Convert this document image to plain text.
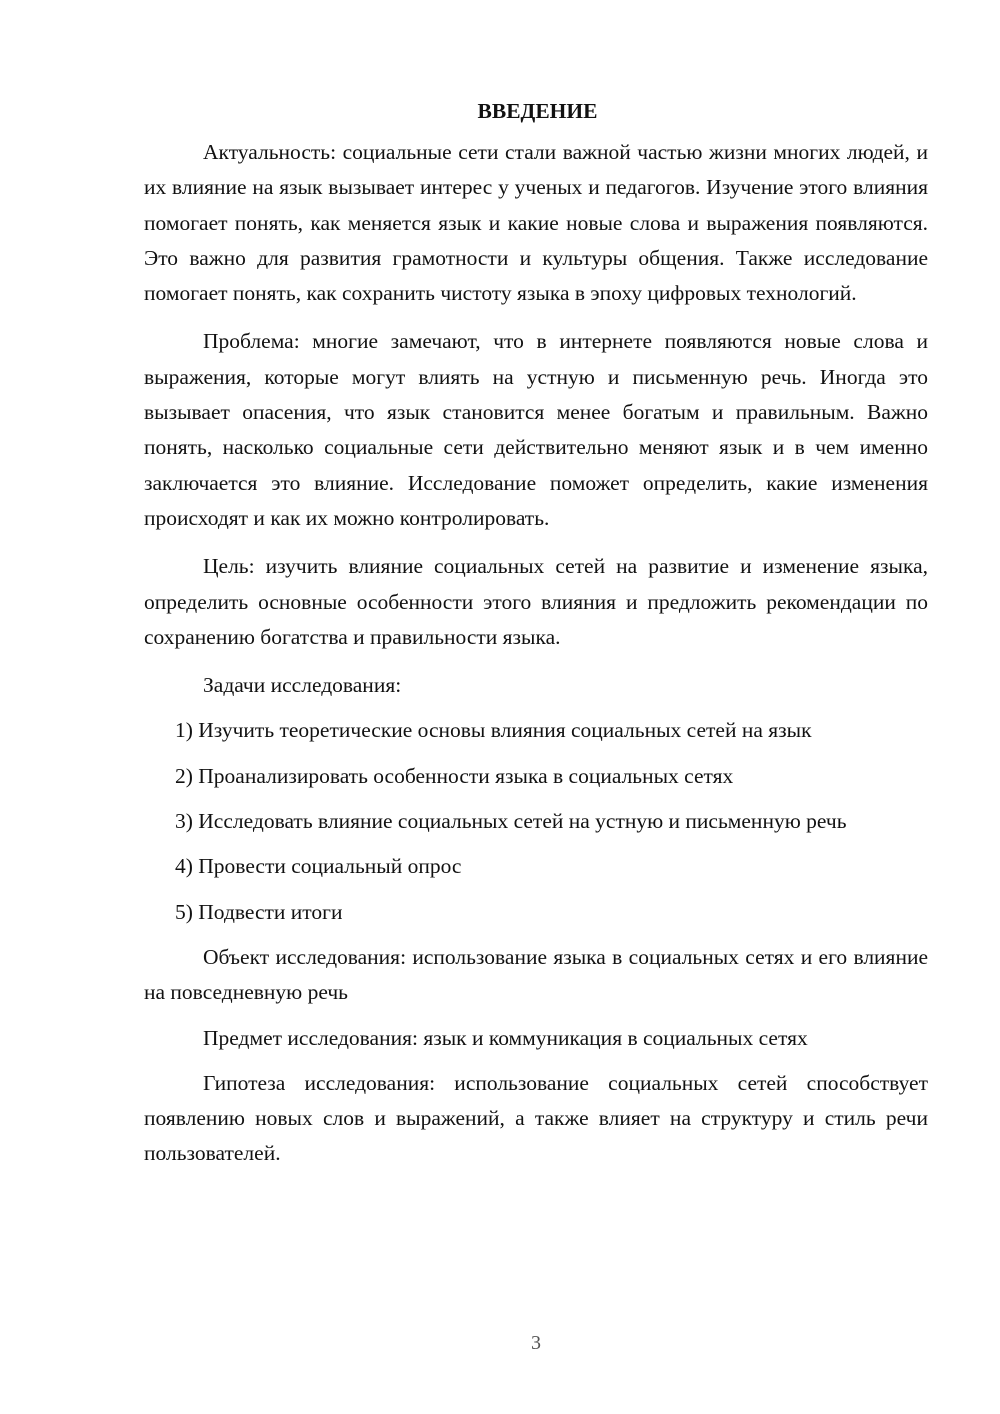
ВВЕДЕНИЕ

Актуальность: социальные сети стали важной частью жизни многих людей, и их влияние на язык вызывает интерес у ученых и педагогов. Изучение этого влияния помогает понять, как меняется язык и какие новые слова и выражения появляются. Это важно для развития грамотности и культуры общения. Также исследование помогает понять, как сохранить чистоту языка в эпоху цифровых технологий.

Проблема: многие замечают, что в интернете появляются новые слова и выражения, которые могут влиять на устную и письменную речь. Иногда это вызывает опасения, что язык становится менее богатым и правильным. Важно понять, насколько социальные сети действительно меняют язык и в чем именно заключается это влияние. Исследование поможет определить, какие изменения происходят и как их можно контролировать.

Цель: изучить влияние социальных сетей на развитие и изменение языка, определить основные особенности этого влияния и предложить рекомендации по сохранению богатства и правильности языка.

Задачи исследования:

1) Изучить теоретические основы влияния социальных сетей на язык

2) Проанализировать особенности языка в социальных сетях

3) Исследовать влияние социальных сетей на устную и письменную речь

4) Провести социальный опрос

5) Подвести итоги

Объект исследования: использование языка в социальных сетях и его влияние на повседневную речь

Предмет исследования: язык и коммуникация в социальных сетях

Гипотеза исследования: использование социальных сетей способствует появлению новых слов и выражений, а также влияет на структуру и стиль речи пользователей.

3
